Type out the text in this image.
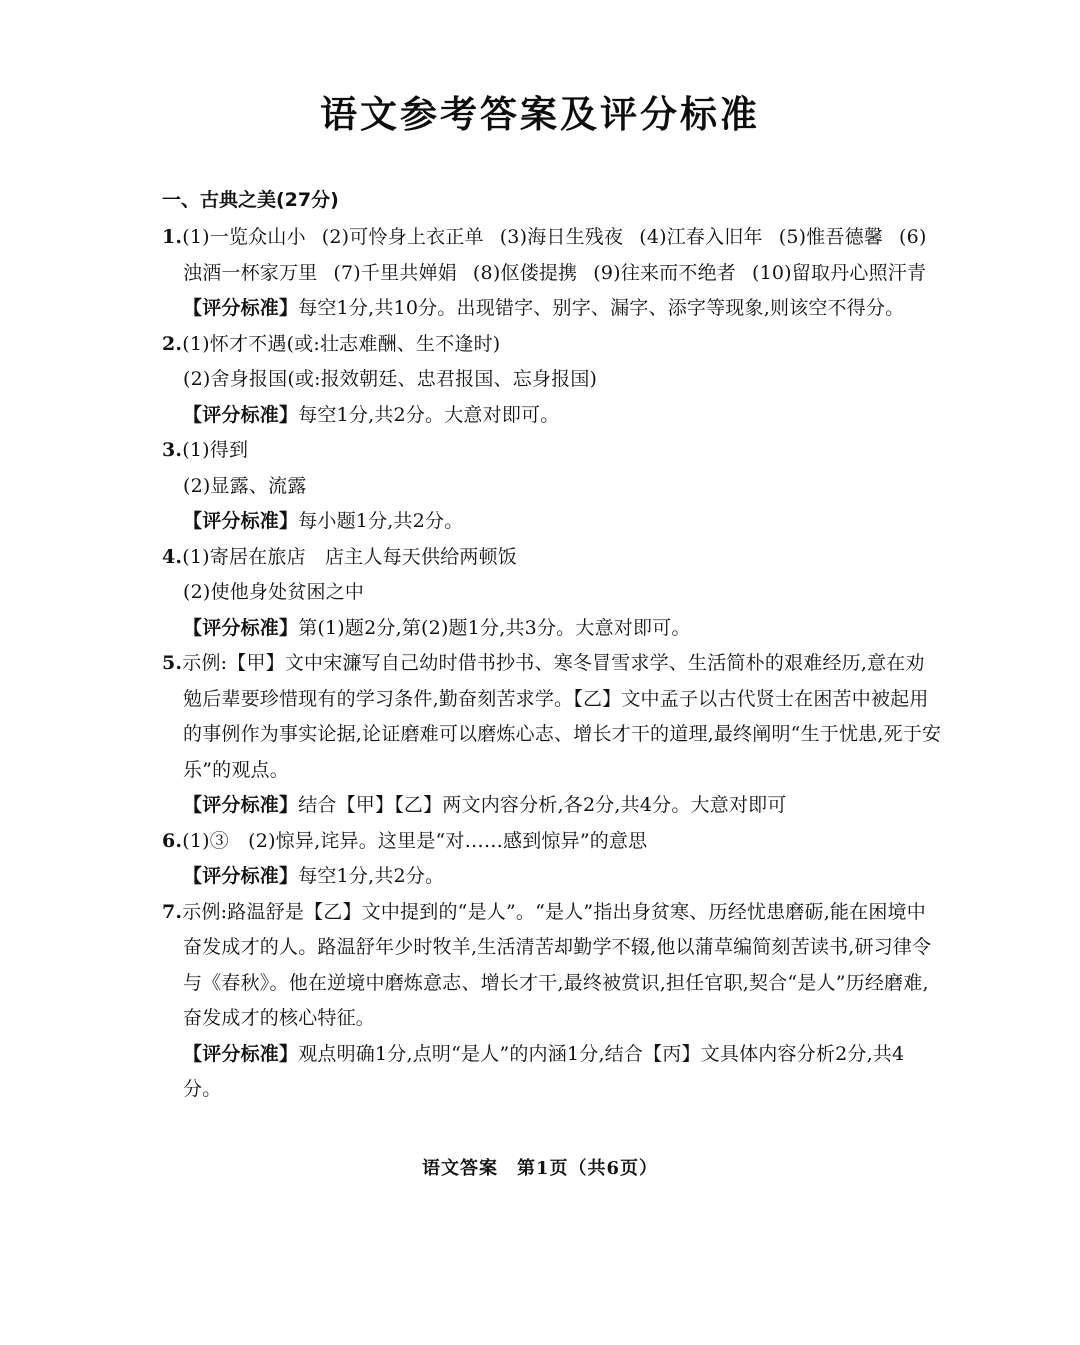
语文参考答案及评分标准
一、古典之美(27分)
1.(1)一览众山小 (2)可怜身上衣正单 (3)海日生残夜 (4)江春入旧年 (5)惟吾德馨 (6)浊酒一杯家万里 (7)千里共婵娟 (8)伛偻提携 (9)往来而不绝者 (10)留取丹心照汗青
【评分标准】每空1分,共10分。出现错字、别字、漏字、添字等现象,则该空不得分。
2.(1)怀才不遇(或:壮志难酬、生不逢时)
(2)舍身报国(或:报效朝廷、忠君报国、忘身报国)
【评分标准】每空1分,共2分。大意对即可。
3.(1)得到
(2)显露、流露
【评分标准】每小题1分,共2分。
4.(1)寄居在旅店　店主人每天供给两顿饭
(2)使他身处贫困之中
【评分标准】第(1)题2分,第(2)题1分,共3分。大意对即可。
5.示例:【甲】文中宋濂写自己幼时借书抄书、寒冬冒雪求学、生活简朴的艰难经历,意在劝勉后辈要珍惜现有的学习条件,勤奋刻苦求学。【乙】文中孟子以古代贤士在困苦中被起用的事例作为事实论据,论证磨难可以磨炼心志、增长才干的道理,最终阐明“生于忧患,死于安乐”的观点。
【评分标准】结合【甲】【乙】两文内容分析,各2分,共4分。大意对即可
6.(1)③　(2)惊异,诧异。这里是“对……感到惊异”的意思
【评分标准】每空1分,共2分。
7.示例:路温舒是【乙】文中提到的“是人”。“是人”指出身贫寒、历经忧患磨砺,能在困境中奋发成才的人。路温舒年少时牧羊,生活清苦却勤学不辍,他以蒲草编简刻苦读书,研习律令与《春秋》。他在逆境中磨炼意志、增长才干,最终被赏识,担任官职,契合“是人”历经磨难,奋发成才的核心特征。
【评分标准】观点明确1分,点明“是人”的内涵1分,结合【丙】文具体内容分析2分,共4分。
语文答案　第1页（共6页）
